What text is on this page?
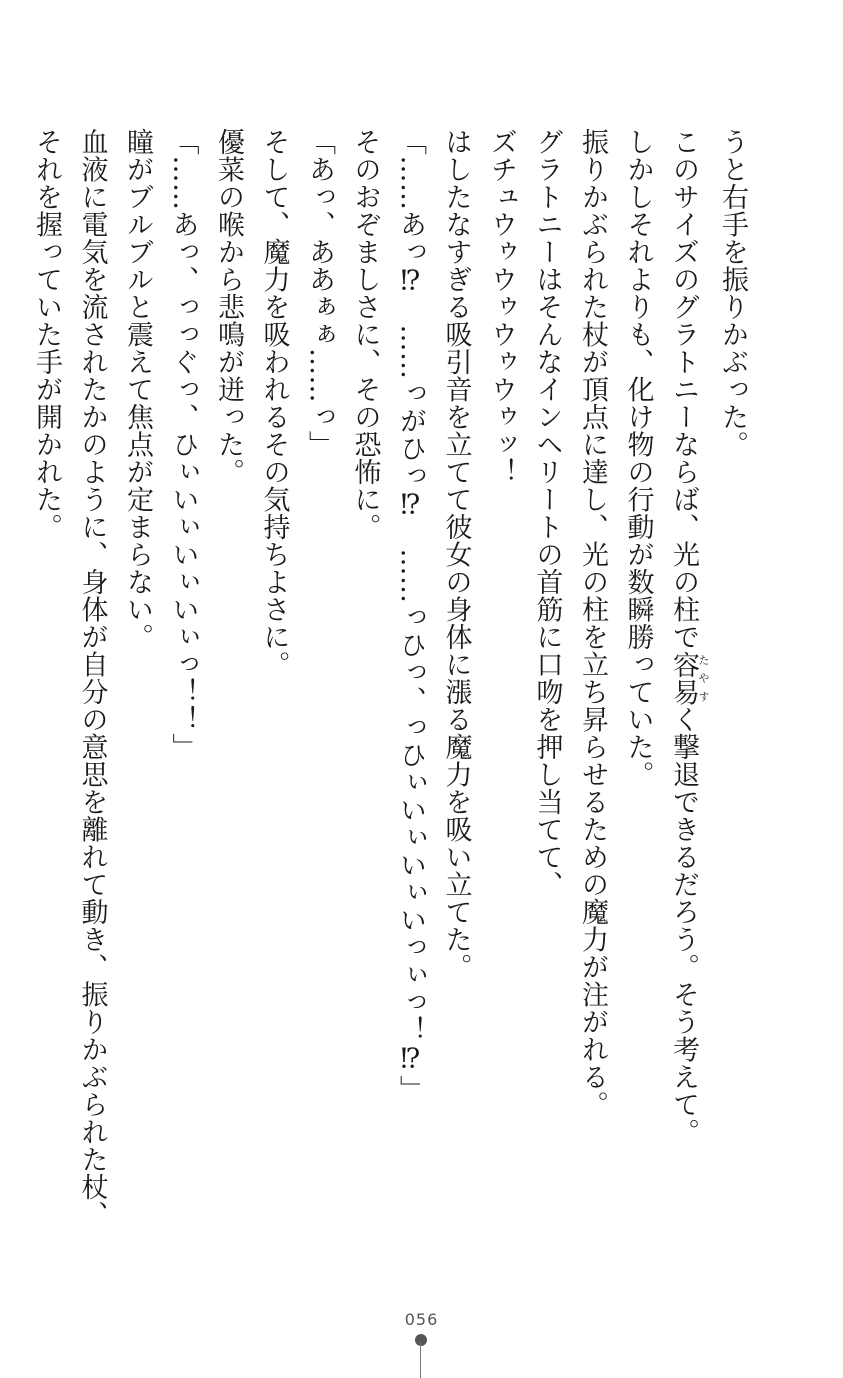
うと右手を振りかぶった。

このサイズのグラトニーならば、光の柱で容易たやすく撃退できるだろう。そう考えて。

しかしそれよりも、化け物の行動が数瞬勝っていた。

振りかぶられた杖が頂点に達し、光の柱を立ち昇らせるための魔力が注がれる。

グラトニーはそんなインヘリートの首筋に口吻を押し当てて、

ズチュウゥウゥウゥウゥッ！

はしたなすぎる吸引音を立てて彼女の身体に漲る魔力を吸い立てた。

「……あっ⁉　……っがひっ⁉　……っひっ、っひぃいぃいぃいっぃっ！⁉」

そのおぞましさに、その恐怖に。

「あっ、ああぁぁ……っ」

そして、魔力を吸われるその気持ちよさに。

優菜の喉から悲鳴が迸った。

「……あっ、っっぐっ、ひぃいぃいぃいぃっ！！」

瞳がブルブルと震えて焦点が定まらない。

血液に電気を流されたかのように、身体が自分の意思を離れて動き、振りかぶられた杖、

それを握っていた手が開かれた。

056
